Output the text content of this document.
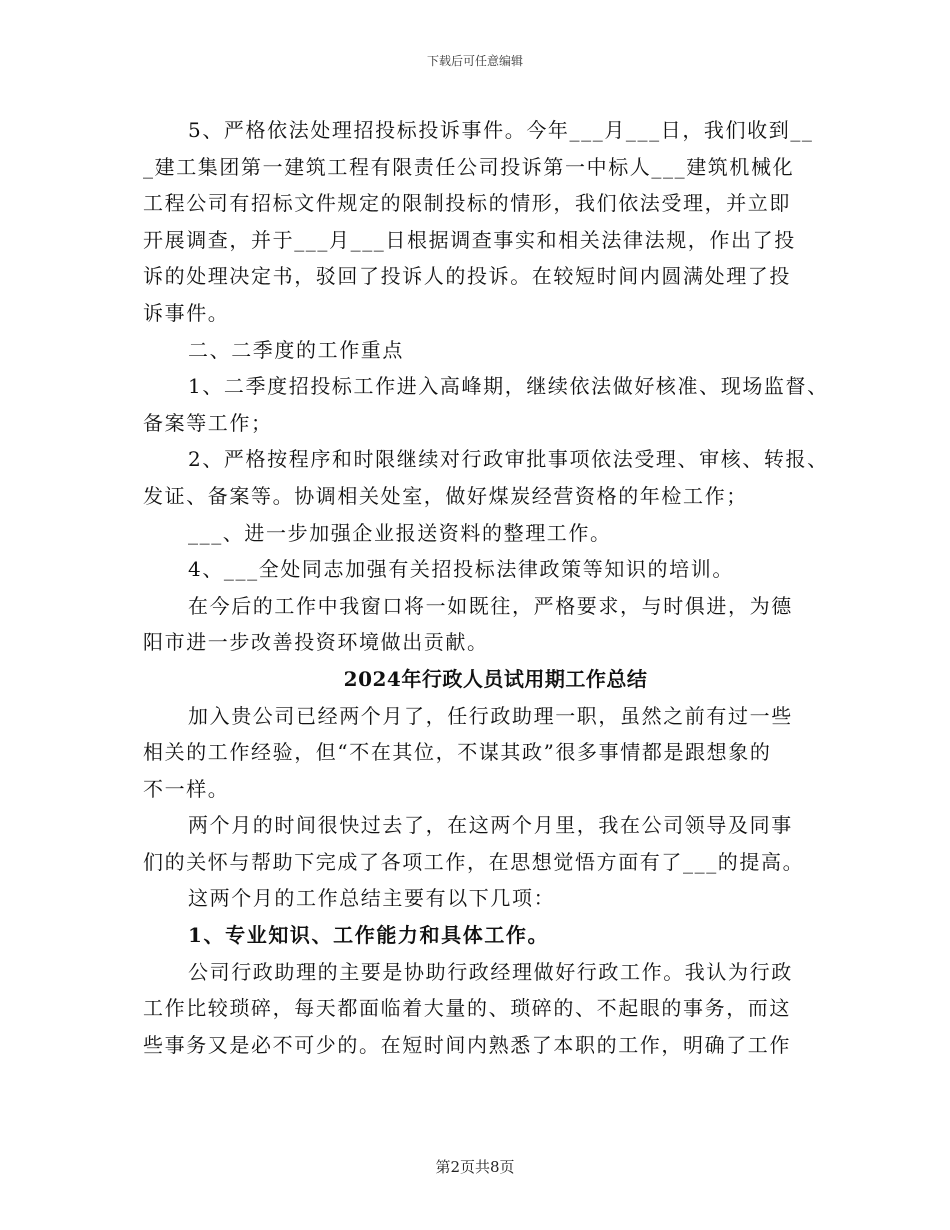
下载后可任意编辑
5、严格依法处理招投标投诉事件。今年___月___日，我们收到__
_建工集团第一建筑工程有限责任公司投诉第一中标人___建筑机械化
工程公司有招标文件规定的限制投标的情形，我们依法受理，并立即
开展调查，并于___月___日根据调查事实和相关法律法规，作出了投
诉的处理决定书，驳回了投诉人的投诉。在较短时间内圆满处理了投
诉事件。
二、二季度的工作重点
1、二季度招投标工作进入高峰期，继续依法做好核准、现场监督、
备案等工作；
2、严格按程序和时限继续对行政审批事项依法受理、审核、转报、
发证、备案等。协调相关处室，做好煤炭经营资格的年检工作；
___、进一步加强企业报送资料的整理工作。
4、___全处同志加强有关招投标法律政策等知识的培训。
在今后的工作中我窗口将一如既往，严格要求，与时俱进，为德
阳市进一步改善投资环境做出贡献。
2024年行政人员试用期工作总结
加入贵公司已经两个月了，任行政助理一职，虽然之前有过一些
相关的工作经验，但“不在其位，不谋其政”很多事情都是跟想象的
不一样。
两个月的时间很快过去了，在这两个月里，我在公司领导及同事
们的关怀与帮助下完成了各项工作，在思想觉悟方面有了___的提高。
这两个月的工作总结主要有以下几项：
1、专业知识、工作能力和具体工作。
公司行政助理的主要是协助行政经理做好行政工作。我认为行政
工作比较琐碎，每天都面临着大量的、琐碎的、不起眼的事务，而这
些事务又是必不可少的。在短时间内熟悉了本职的工作，明确了工作
第2页共8页
